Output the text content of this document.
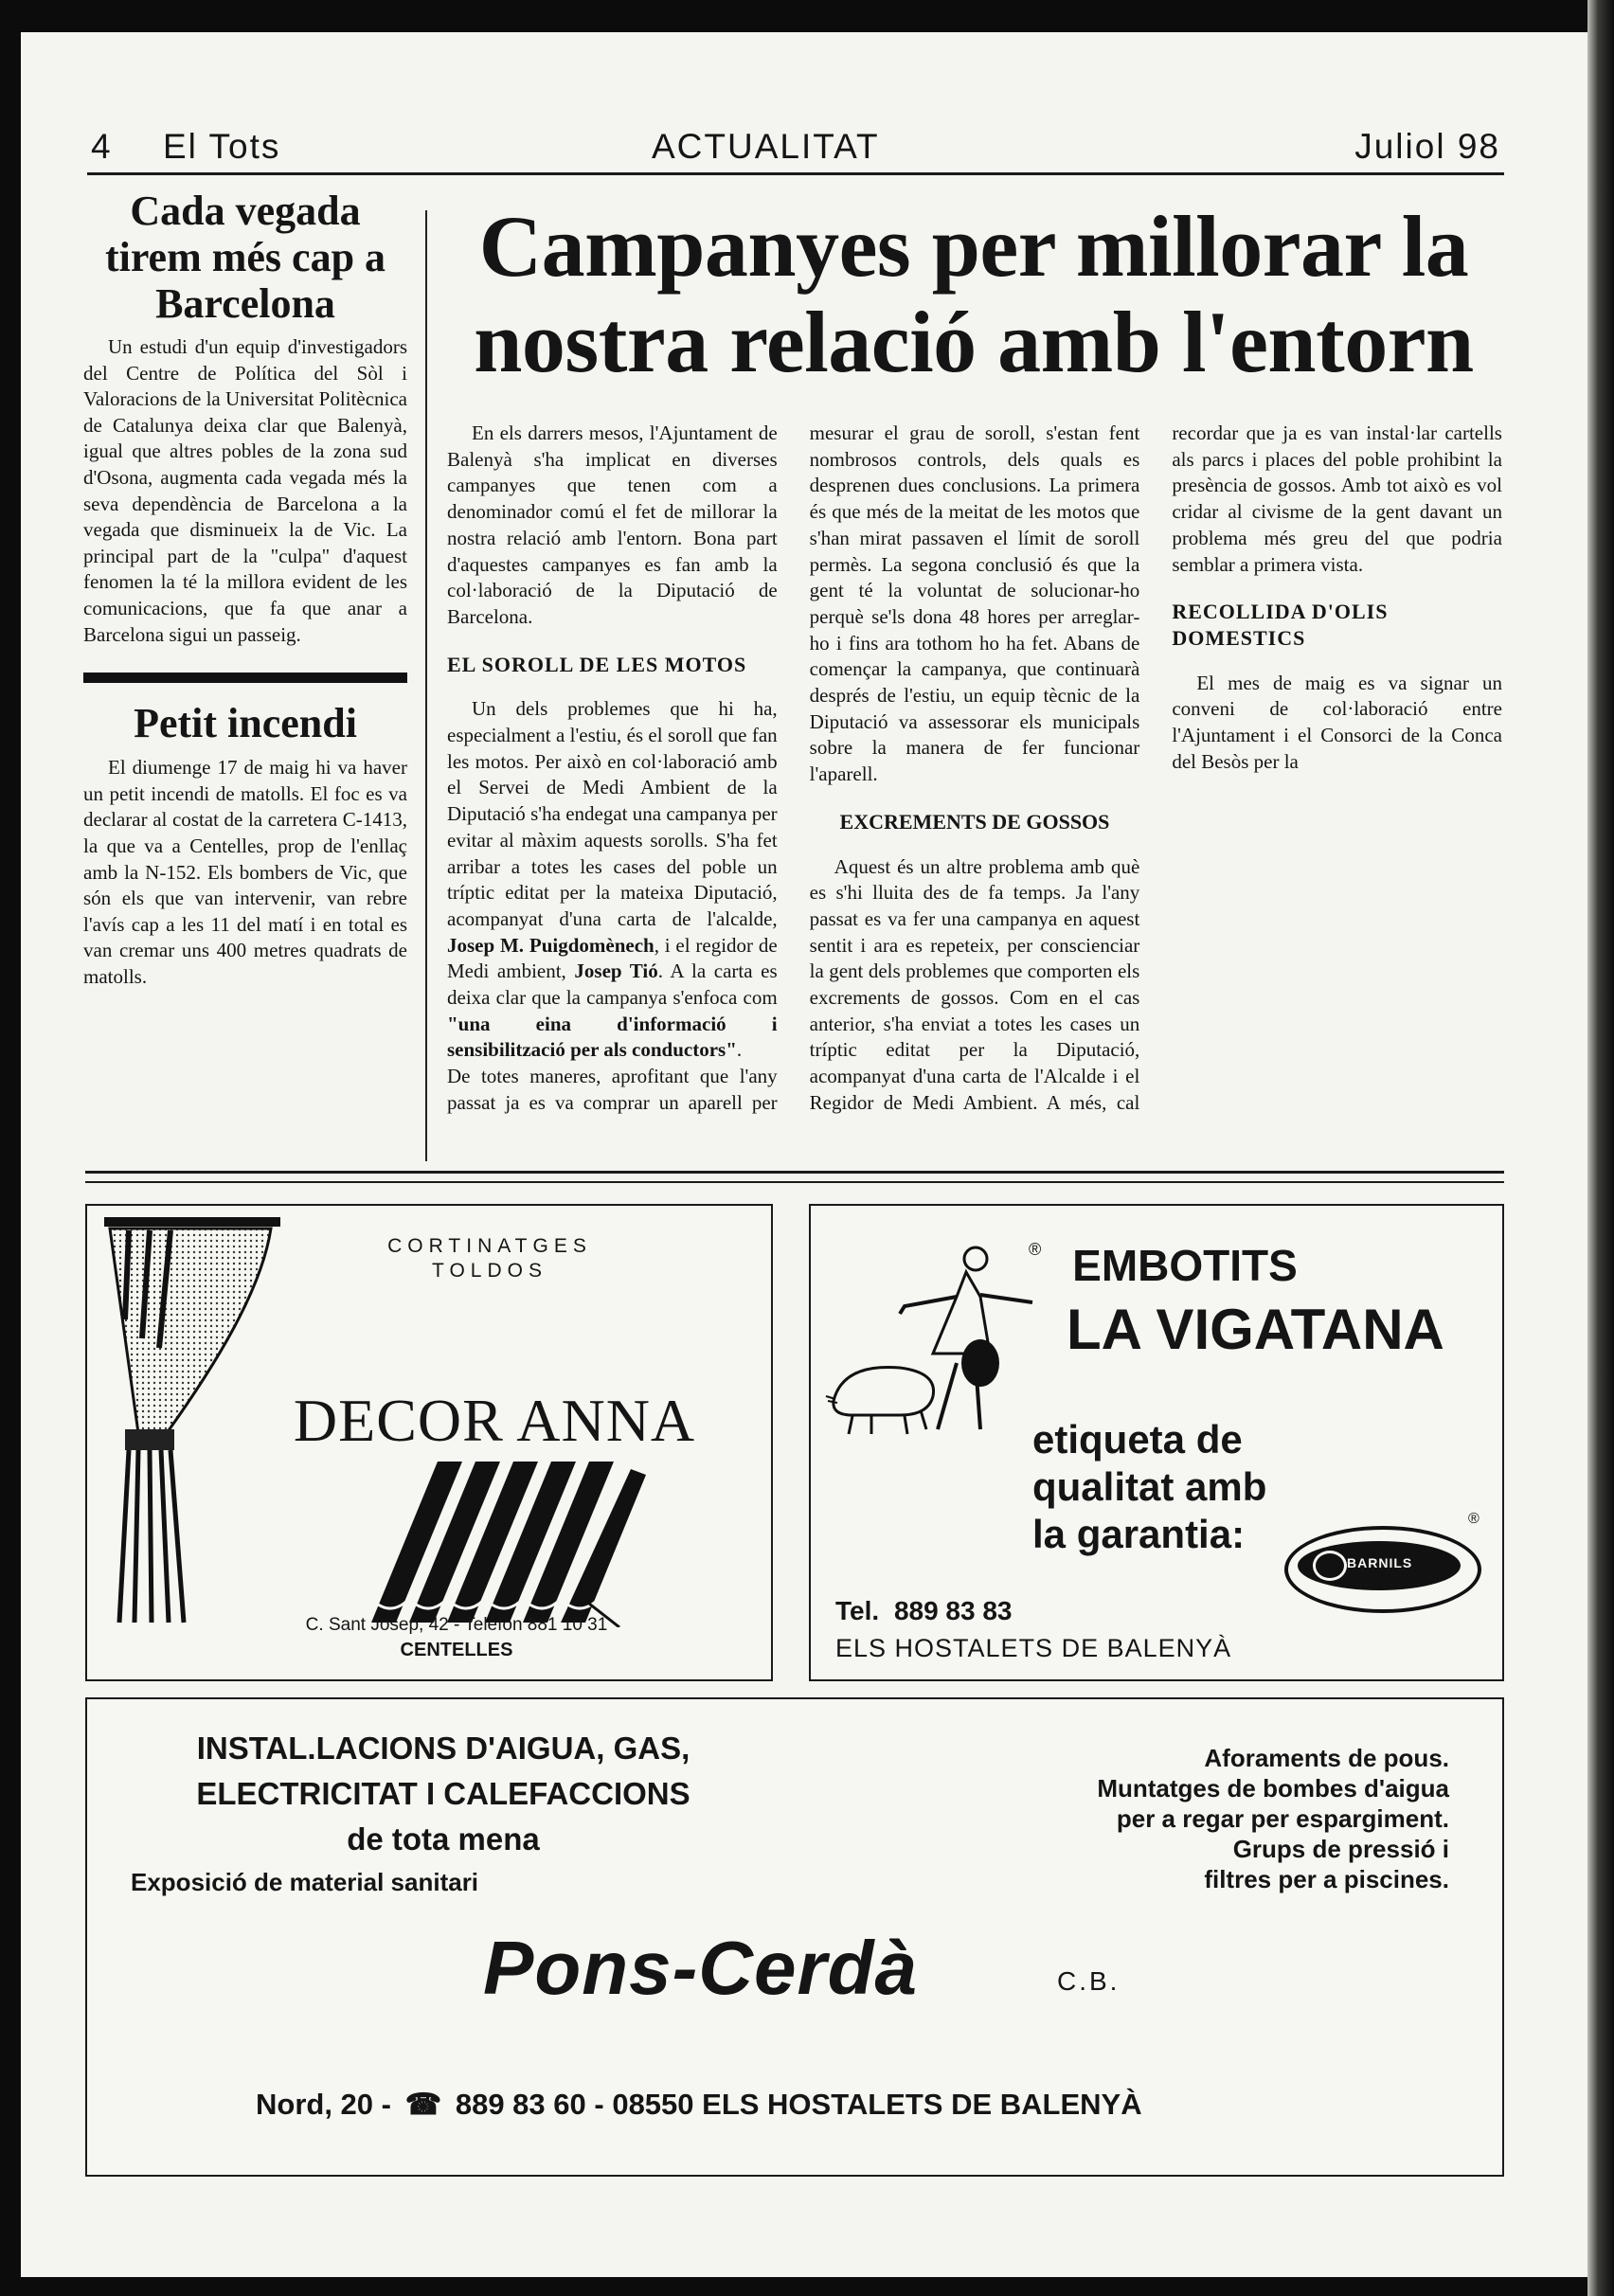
4 El Tots	ACTUALITAT	Juliol 98
Cada vegada tirem més cap a Barcelona

Un estudi d'un equip d'investigadors del Centre de Política del Sòl i Valoracions de la Universitat Politècnica de Catalunya deixa clar que Balenyà, igual que altres pobles de la zona sud d'Osona, augmenta cada vegada més la seva dependència de Barcelona a la vegada que disminueix la de Vic. La principal part de la "culpa" d'aquest fenomen la té la millora evident de les comunicacions, que fa que anar a Barcelona sigui un passeig.

Petit incendi

El diumenge 17 de maig hi va haver un petit incendi de matolls. El foc es va declarar al costat de la carretera C-1413, la que va a Centelles, prop de l'enllaç amb la N-152. Els bombers de Vic, que són els que van intervenir, van rebre l'avís cap a les 11 del matí i en total es van cremar uns 400 metres quadrats de matolls.

Campanyes per millorar la nostra relació amb l'entorn

En els darrers mesos, l'Ajuntament de Balenyà s'ha implicat en diverses campanyes que tenen com a denominador comú el fet de millorar la nostra relació amb l'entorn. Bona part d'aquestes campanyes es fan amb la col·laboració de la Diputació de Barcelona.

EL SOROLL DE LES MOTOS

Un dels problemes que hi ha, especialment a l'estiu, és el soroll que fan les motos. Per això en col·laboració amb el Servei de Medi Ambient de la Diputació s'ha endegat una campanya per evitar al màxim aquests sorolls. S'ha fet arribar a totes les cases del poble un tríptic editat per la mateixa Diputació, acompanyat d'una carta de l'alcalde, Josep M. Puigdomènech, i el regidor de Medi ambient, Josep Tió. A la carta es deixa clar que la campanya s'enfoca com "una eina d'informació i sensibilització per als conductors".

De totes maneres, aprofitant que l'any passat ja es va comprar un aparell per mesurar el grau de soroll, s'estan fent nombrosos controls, dels quals es desprenen dues conclusions. La primera és que més de la meitat de les motos que s'han mirat passaven el límit de soroll permès. La segona conclusió és que la gent té la voluntat de solucionar-ho perquè se'ls dona 48 hores per arreglar-ho i fins ara tothom ho ha fet. Abans de començar la campanya, que continuarà després de l'estiu, un equip tècnic de la Diputació va assessorar els municipals sobre la manera de fer funcionar l'aparell.

EXCREMENTS DE GOSSOS

Aquest és un altre problema amb què es s'hi lluita des de fa temps. Ja l'any passat es va fer una campanya en aquest sentit i ara es repeteix, per conscienciar la gent dels problemes que comporten els excrements de gossos. Com en el cas anterior, s'ha enviat a totes les cases un tríptic editat per la Diputació, acompanyat d'una carta de l'Alcalde i el Regidor de Medi Ambient. A més, cal recordar que ja es van instal·lar cartells als parcs i places del poble prohibint la presència de gossos. Amb tot això es vol cridar al civisme de la gent davant un problema més greu del que podria semblar a primera vista.

RECOLLIDA D'OLIS DOMESTICS

El mes de maig es va signar un conveni de col·laboració entre l'Ajuntament i el Consorci de la Conca del Besòs per la

CORTINATGES
TOLDOS
DECOR ANNA
C. Sant Josep, 42 - Telèfon 881 10 31
CENTELLES
® EMBOTITS
LA VIGATANA
etiqueta de
qualitat amb
la garantia:
BARNILS
®
Tel. 889 83 83
ELS HOSTALETS DE BALENYÀ
INSTAL.LACIONS D'AIGUA, GAS,
ELECTRICITAT I CALEFACCIONS
de tota mena
Exposició de material sanitari
Aforaments de pous.
Muntatges de bombes d'aigua
per a regar per espargiment.
Grups de pressió i
filtres per a piscines.
Pons-Cerdà	C.B.
Nord, 20 - ☎ 889 83 60 - 08550 ELS HOSTALETS DE BALENYÀ
